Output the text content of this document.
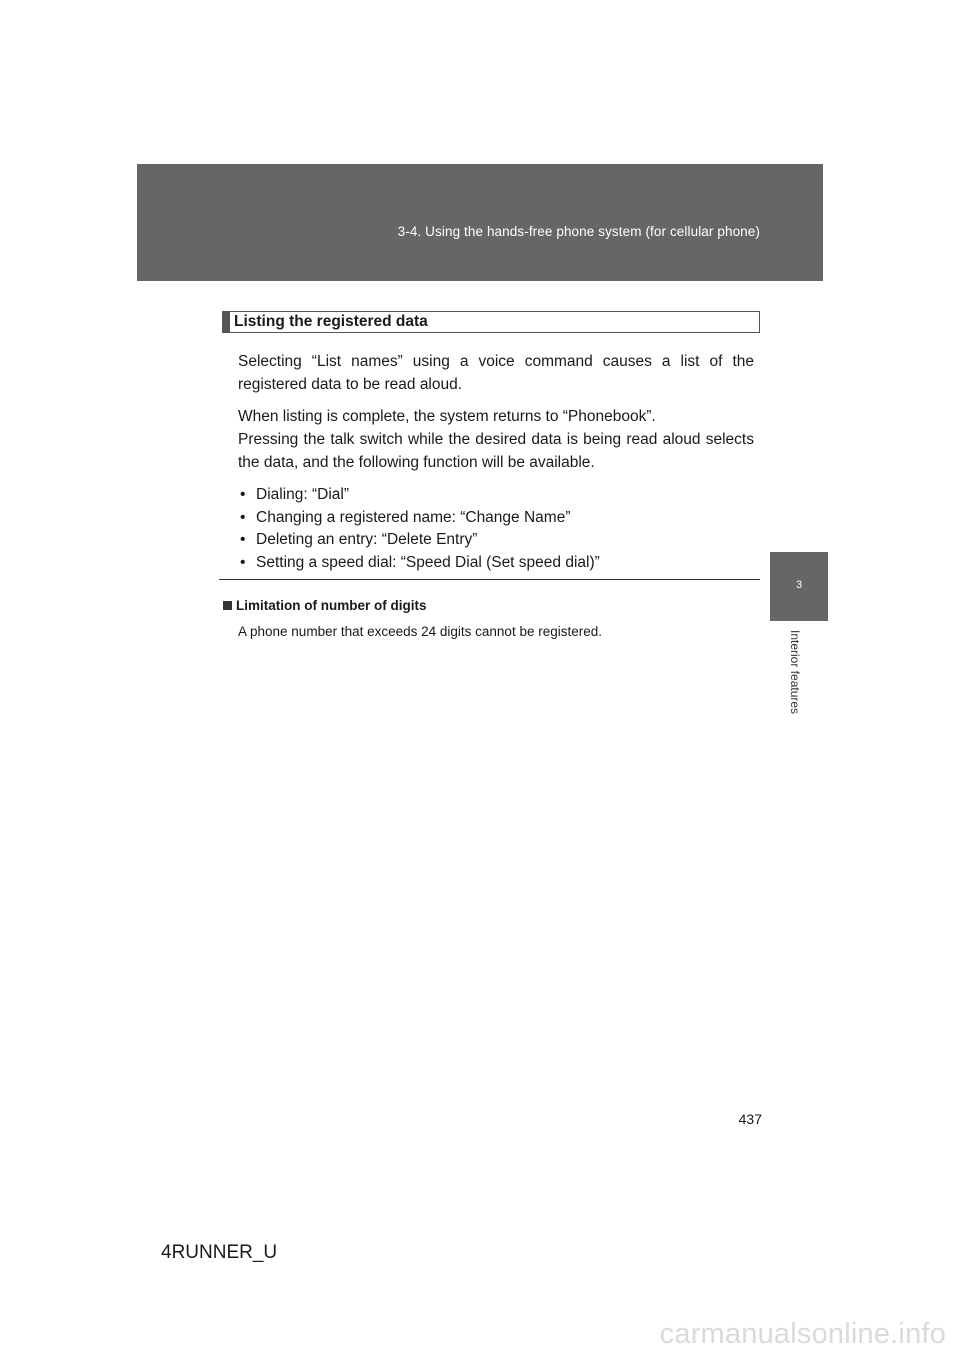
3-4. Using the hands-free phone system (for cellular phone)
3
Interior features
Listing the registered data
Selecting “List names” using a voice command causes a list of the registered data to be read aloud.
When listing is complete, the system returns to “Phonebook”.
Pressing the talk switch while the desired data is being read aloud selects the data, and the following function will be available.
• Dialing: “Dial”
• Changing a registered name: “Change Name”
• Deleting an entry: “Delete Entry”
• Setting a speed dial: “Speed Dial (Set speed dial)”
Limitation of number of digits
A phone number that exceeds 24 digits cannot be registered.
437
4RUNNER_U
carmanualsonline.info
